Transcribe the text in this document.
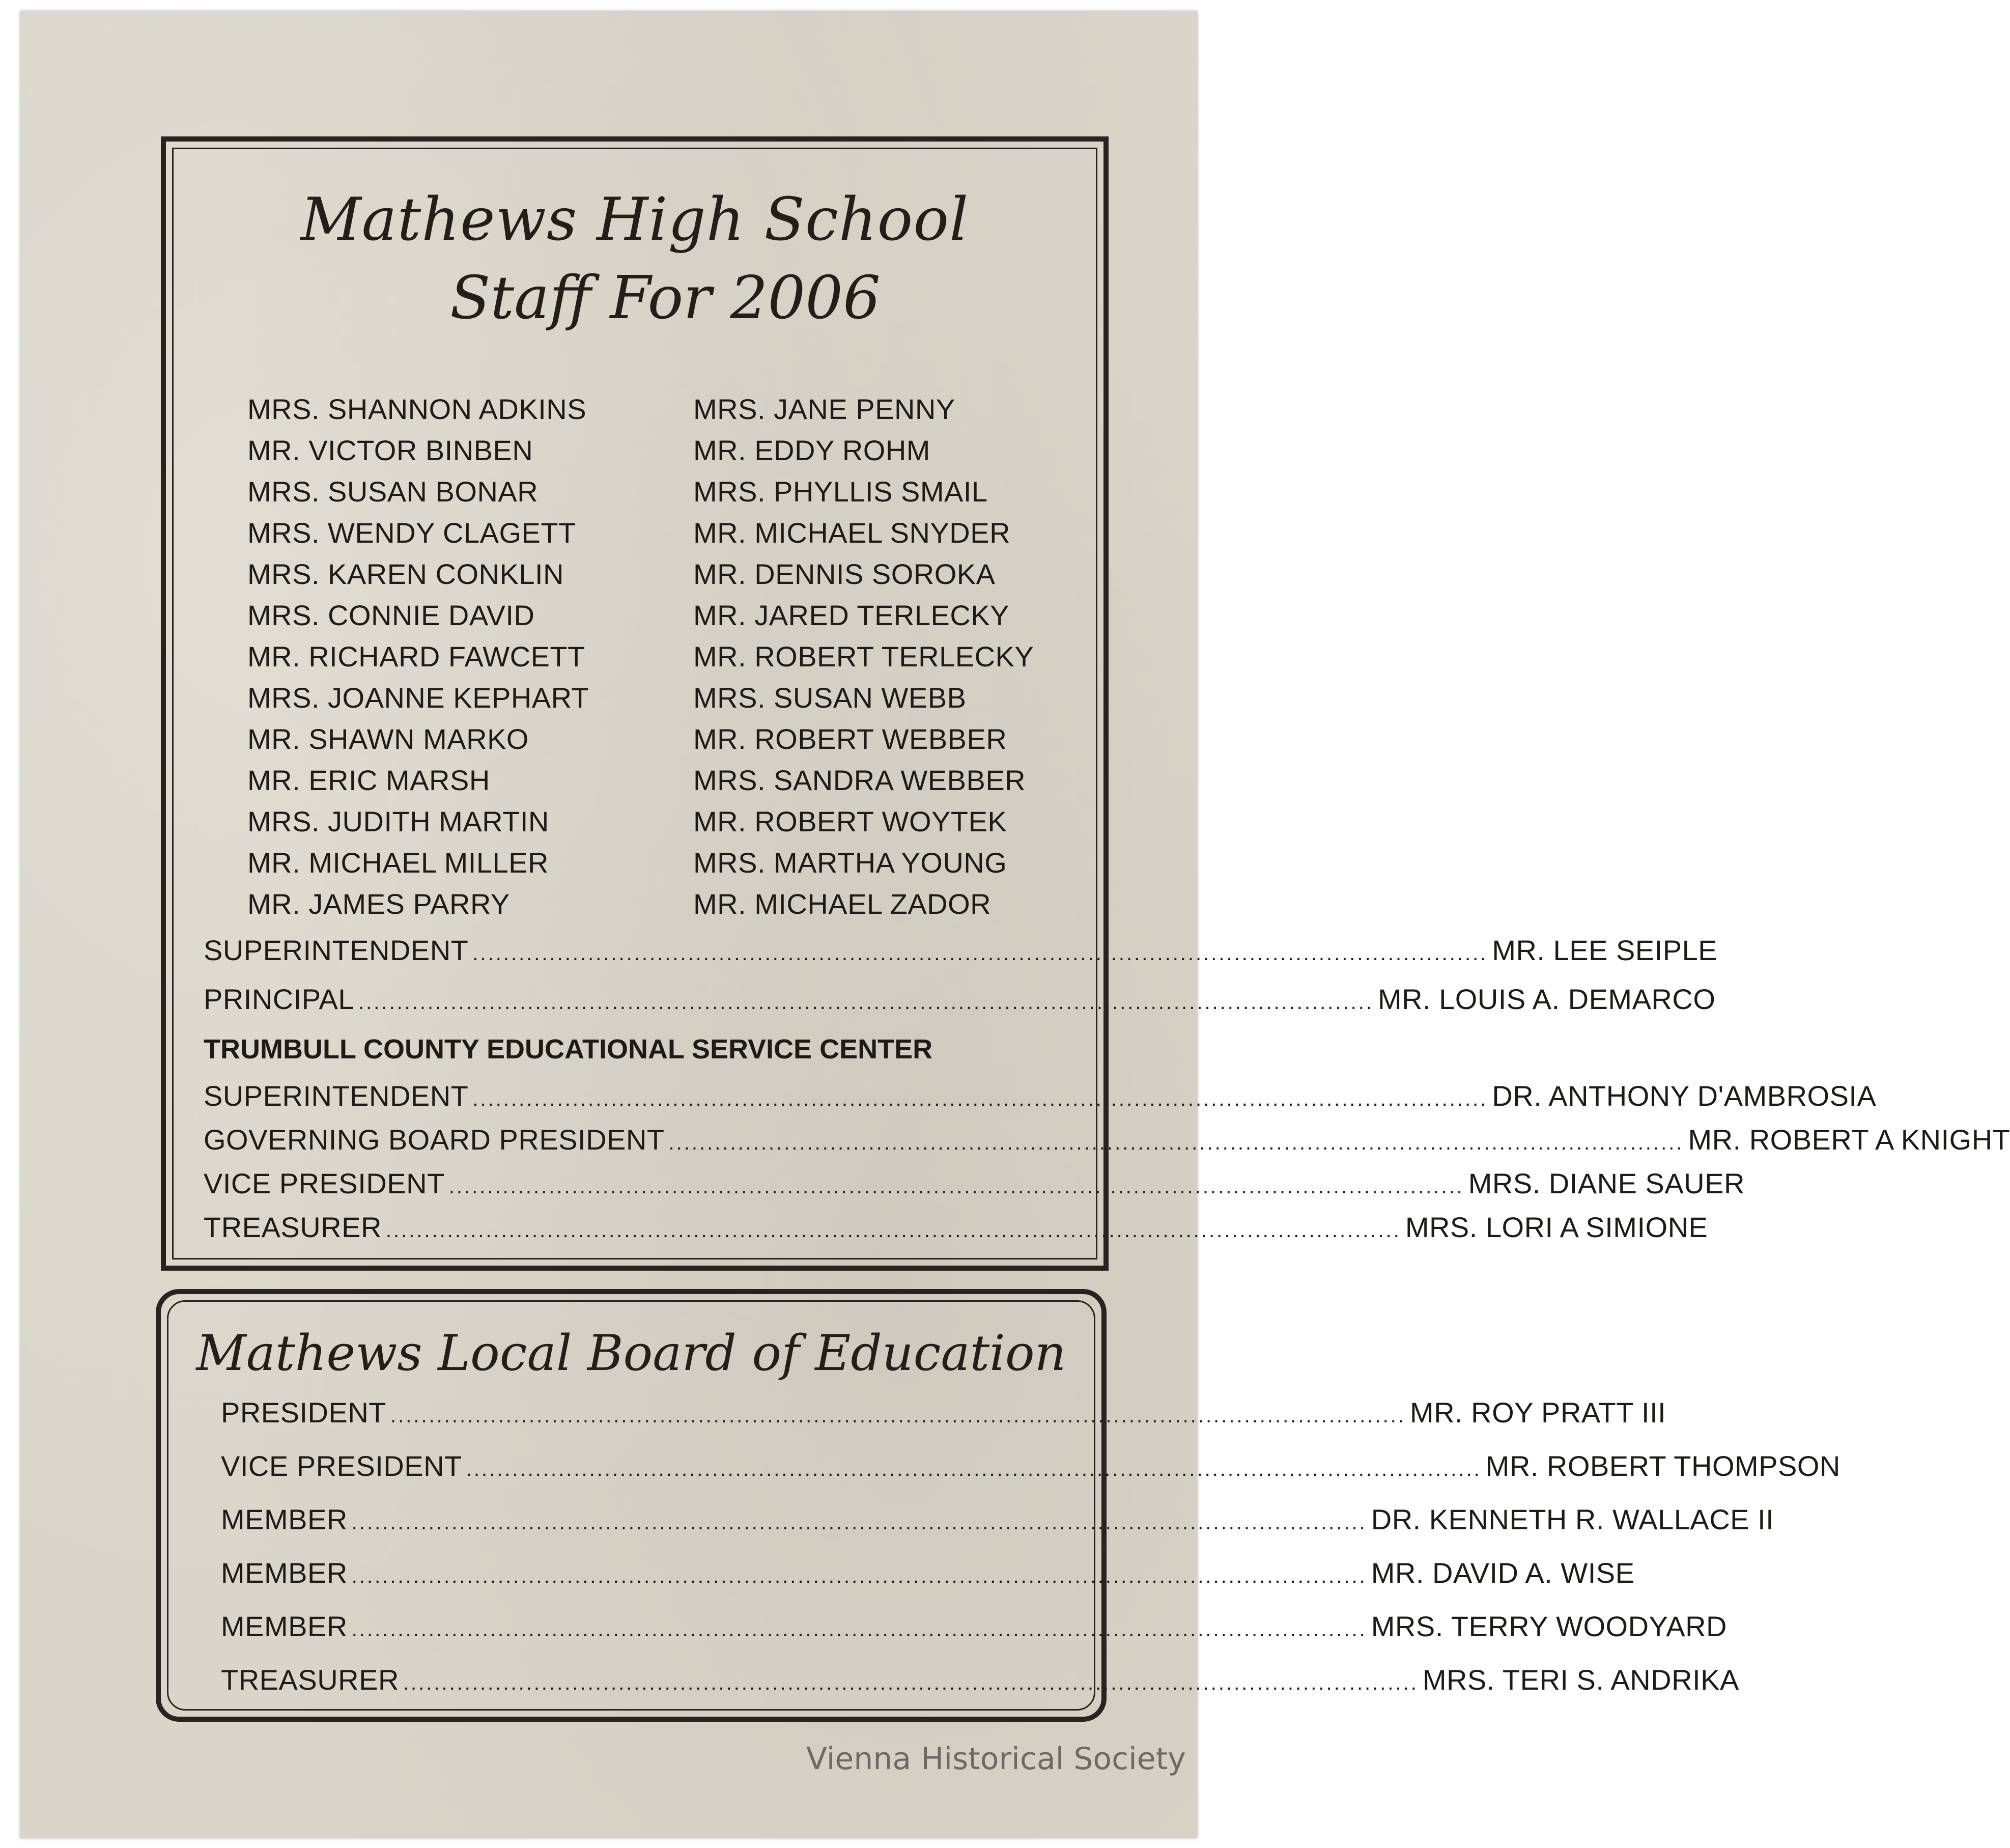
Mathews High School
Staff For 2006
MRS. SHANNON ADKINS
MR. VICTOR BINBEN
MRS. SUSAN BONAR
MRS. WENDY CLAGETT
MRS. KAREN CONKLIN
MRS. CONNIE DAVID
MR. RICHARD FAWCETT
MRS. JOANNE KEPHART
MR. SHAWN MARKO
MR. ERIC MARSH
MRS. JUDITH MARTIN
MR. MICHAEL MILLER
MR. JAMES PARRY
MRS. JANE PENNY
MR. EDDY ROHM
MRS. PHYLLIS SMAIL
MR. MICHAEL SNYDER
MR. DENNIS SOROKA
MR. JARED TERLECKY
MR. ROBERT TERLECKY
MRS. SUSAN WEBB
MR. ROBERT WEBBER
MRS. SANDRA WEBBER
MR. ROBERT WOYTEK
MRS. MARTHA YOUNG
MR. MICHAEL ZADOR
SUPERINTENDENT .................................................................................................................................... MR. LEE SEIPLE
PRINCIPAL .................................................................................................................................... MR. LOUIS A. DEMARCO
TRUMBULL COUNTY EDUCATIONAL SERVICE CENTER
SUPERINTENDENT .................................................................................................................................... DR. ANTHONY D'AMBROSIA
GOVERNING BOARD PRESIDENT .................................................................................................................................... MR. ROBERT A KNIGHT
VICE PRESIDENT .................................................................................................................................... MRS. DIANE SAUER
TREASURER .................................................................................................................................... MRS. LORI A SIMIONE
Mathews Local Board of Education
PRESIDENT .................................................................................................................................... MR. ROY PRATT III
VICE PRESIDENT .................................................................................................................................... MR. ROBERT THOMPSON
MEMBER .................................................................................................................................... DR. KENNETH R. WALLACE II
MEMBER .................................................................................................................................... MR. DAVID A. WISE
MEMBER .................................................................................................................................... MRS. TERRY WOODYARD
TREASURER .................................................................................................................................... MRS. TERI S. ANDRIKA
Vienna Historical Society
